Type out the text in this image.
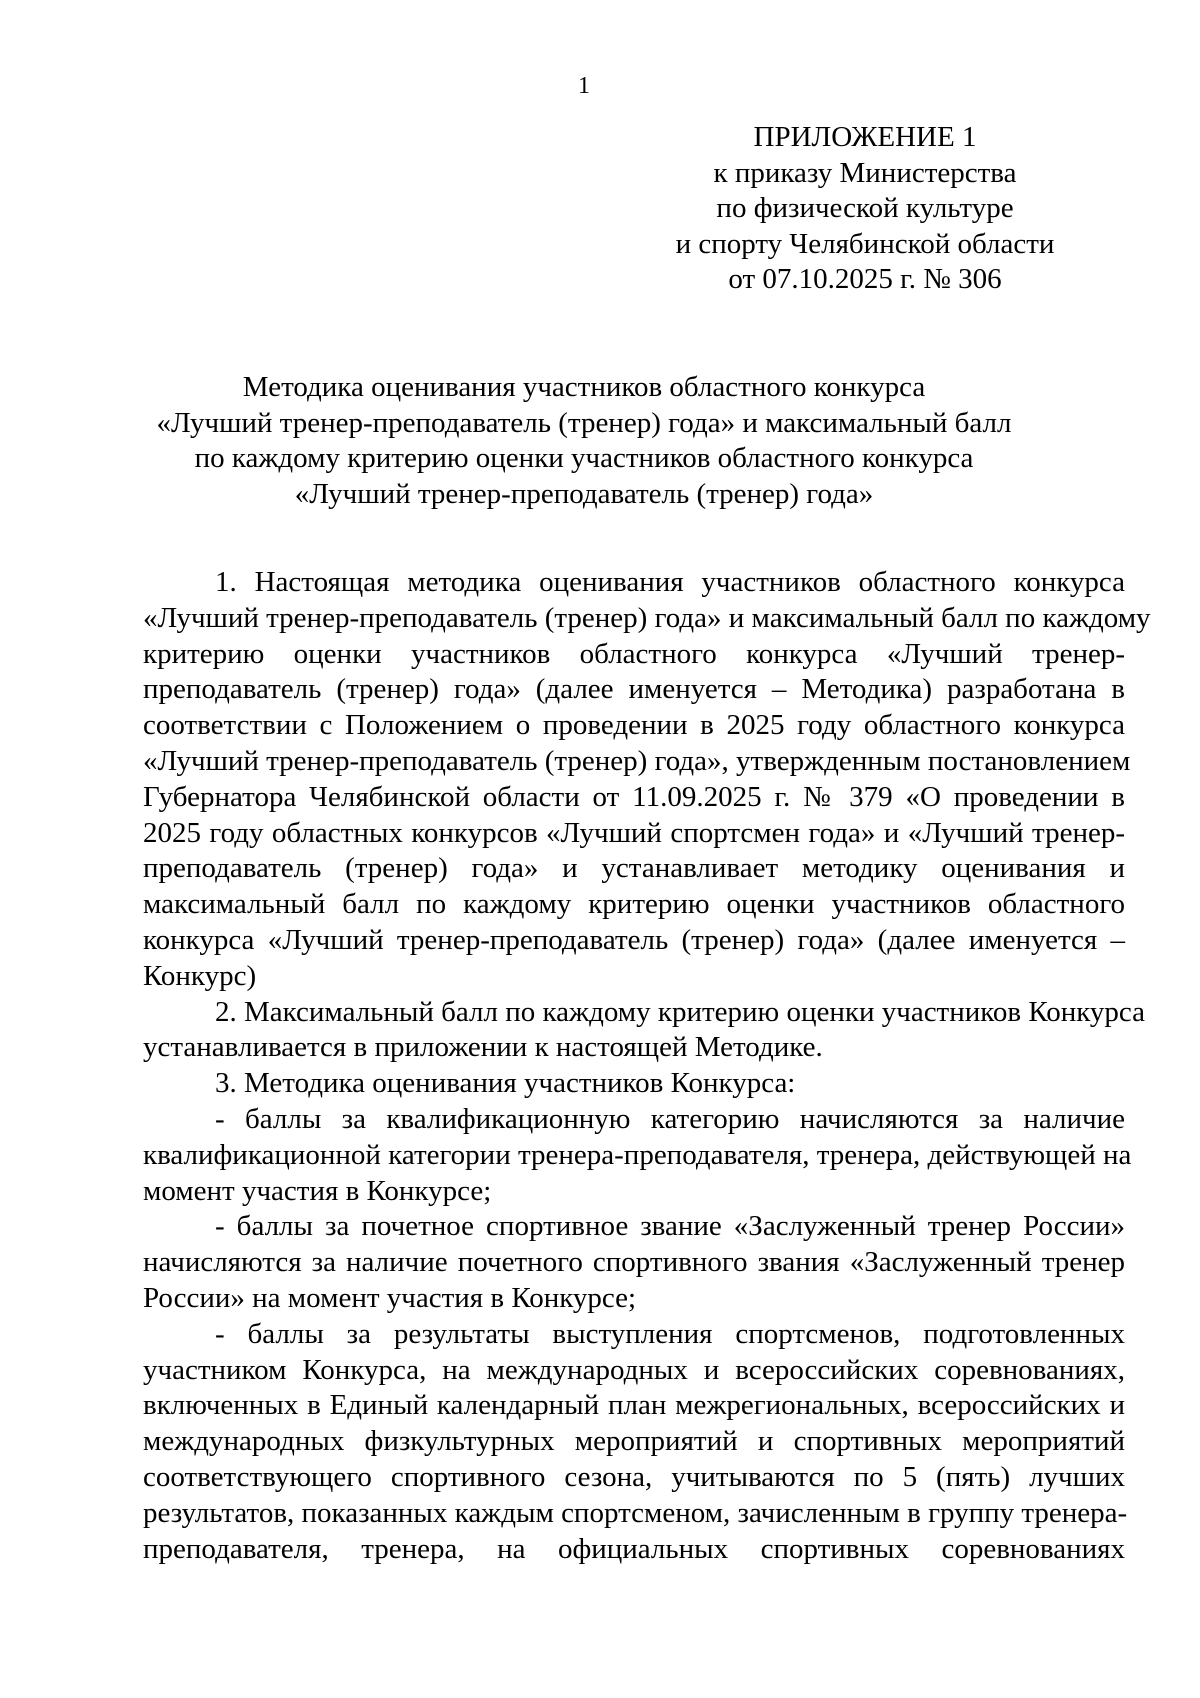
1
ПРИЛОЖЕНИЕ 1
к приказу Министерства
по физической культуре
и спорту Челябинской области
от 07.10.2025 г. № 306
Методика оценивания участников областного конкурса
«Лучший тренер-преподаватель (тренер) года» и максимальный балл
по каждому критерию оценки участников областного конкурса
«Лучший тренер-преподаватель (тренер) года»
1. Настоящая методика оценивания участников областного конкурса
«Лучший тренер-преподаватель (тренер) года» и максимальный балл по каждому
критерию оценки участников областного конкурса «Лучший тренер-
преподаватель (тренер) года» (далее именуется – Методика) разработана в
соответствии с Положением о проведении в 2025 году областного конкурса
«Лучший тренер-преподаватель (тренер) года», утвержденным постановлением
Губернатора Челябинской области от 11.09.2025 г. № 379 «О проведении в
2025 году областных конкурсов «Лучший спортсмен года» и «Лучший тренер-
преподаватель (тренер) года» и устанавливает методику оценивания и
максимальный балл по каждому критерию оценки участников областного
конкурса «Лучший тренер-преподаватель (тренер) года» (далее именуется –
Конкурс)
2. Максимальный балл по каждому критерию оценки участников Конкурса
устанавливается в приложении к настоящей Методике.
3. Методика оценивания участников Конкурса:
- баллы за квалификационную категорию начисляются за наличие
квалификационной категории тренера-преподавателя, тренера, действующей на
момент участия в Конкурсе;
- баллы за почетное спортивное звание «Заслуженный тренер России»
начисляются за наличие почетного спортивного звания «Заслуженный тренер
России» на момент участия в Конкурсе;
- баллы за результаты выступления спортсменов, подготовленных
участником Конкурса, на международных и всероссийских соревнованиях,
включенных в Единый календарный план межрегиональных, всероссийских и
международных физкультурных мероприятий и спортивных мероприятий
соответствующего спортивного сезона, учитываются по 5 (пять) лучших
результатов, показанных каждым спортсменом, зачисленным в группу тренера-
преподавателя, тренера, на официальных спортивных соревнованиях
